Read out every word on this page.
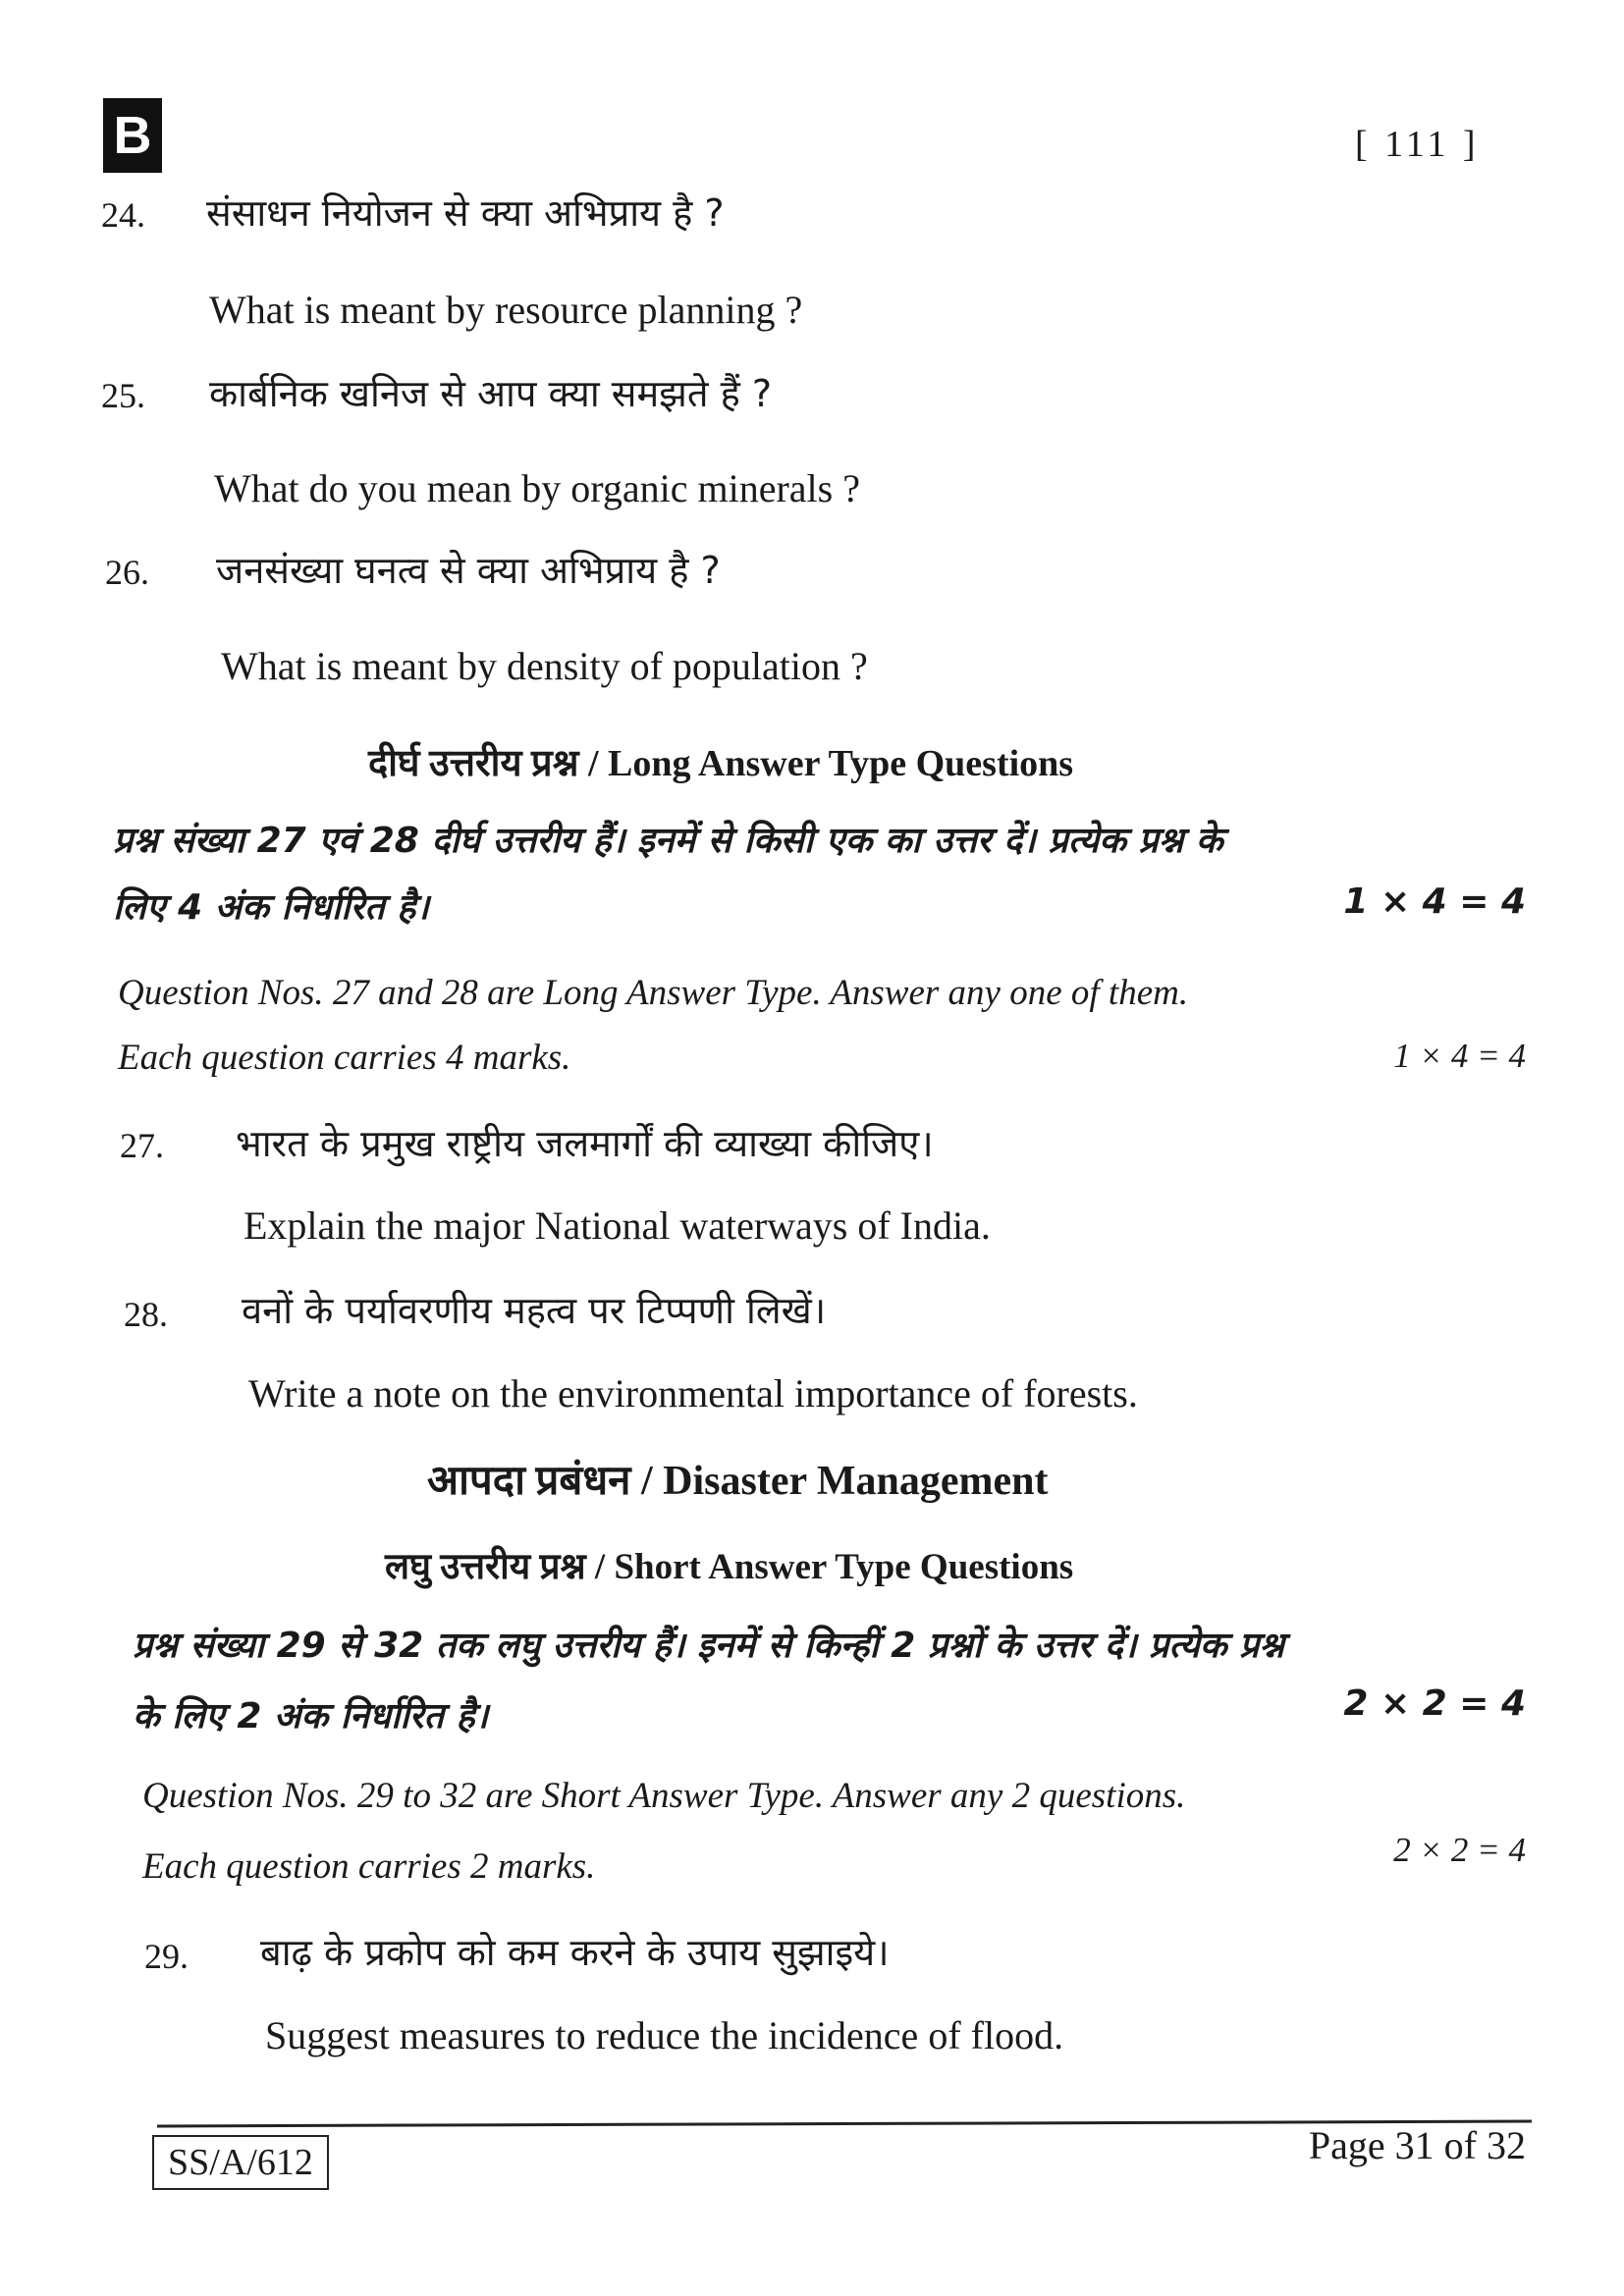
B	[ 111 ]
24. संसाधन नियोजन से क्या अभिप्राय है ?
What is meant by resource planning ?
25. कार्बनिक खनिज से आप क्या समझते हैं ?
What do you mean by organic minerals ?
26. जनसंख्या घनत्व से क्या अभिप्राय है ?
What is meant by density of population ?
दीर्घ उत्तरीय प्रश्न / Long Answer Type Questions
प्रश्न संख्या 27 एवं 28 दीर्घ उत्तरीय हैं। इनमें से किसी एक का उत्तर दें। प्रत्येक प्रश्न के
लिए 4 अंक निर्धारित है।	1 × 4 = 4
Question Nos. 27 and 28 are Long Answer Type. Answer any one of them.
Each question carries 4 marks.	1 × 4 = 4
27. भारत के प्रमुख राष्ट्रीय जलमार्गों की व्याख्या कीजिए।
Explain the major National waterways of India.
28. वनों के पर्यावरणीय महत्व पर टिप्पणी लिखें।
Write a note on the environmental importance of forests.
आपदा प्रबंधन / Disaster Management
लघु उत्तरीय प्रश्न / Short Answer Type Questions
प्रश्न संख्या 29 से 32 तक लघु उत्तरीय हैं। इनमें से किन्हीं 2 प्रश्नों के उत्तर दें। प्रत्येक प्रश्न
के लिए 2 अंक निर्धारित है।	2 × 2 = 4
Question Nos. 29 to 32 are Short Answer Type. Answer any 2 questions.
Each question carries 2 marks.	2 × 2 = 4
29. बाढ़ के प्रकोप को कम करने के उपाय सुझाइये।
Suggest measures to reduce the incidence of flood.
SS/A/612	Page 31 of 32
